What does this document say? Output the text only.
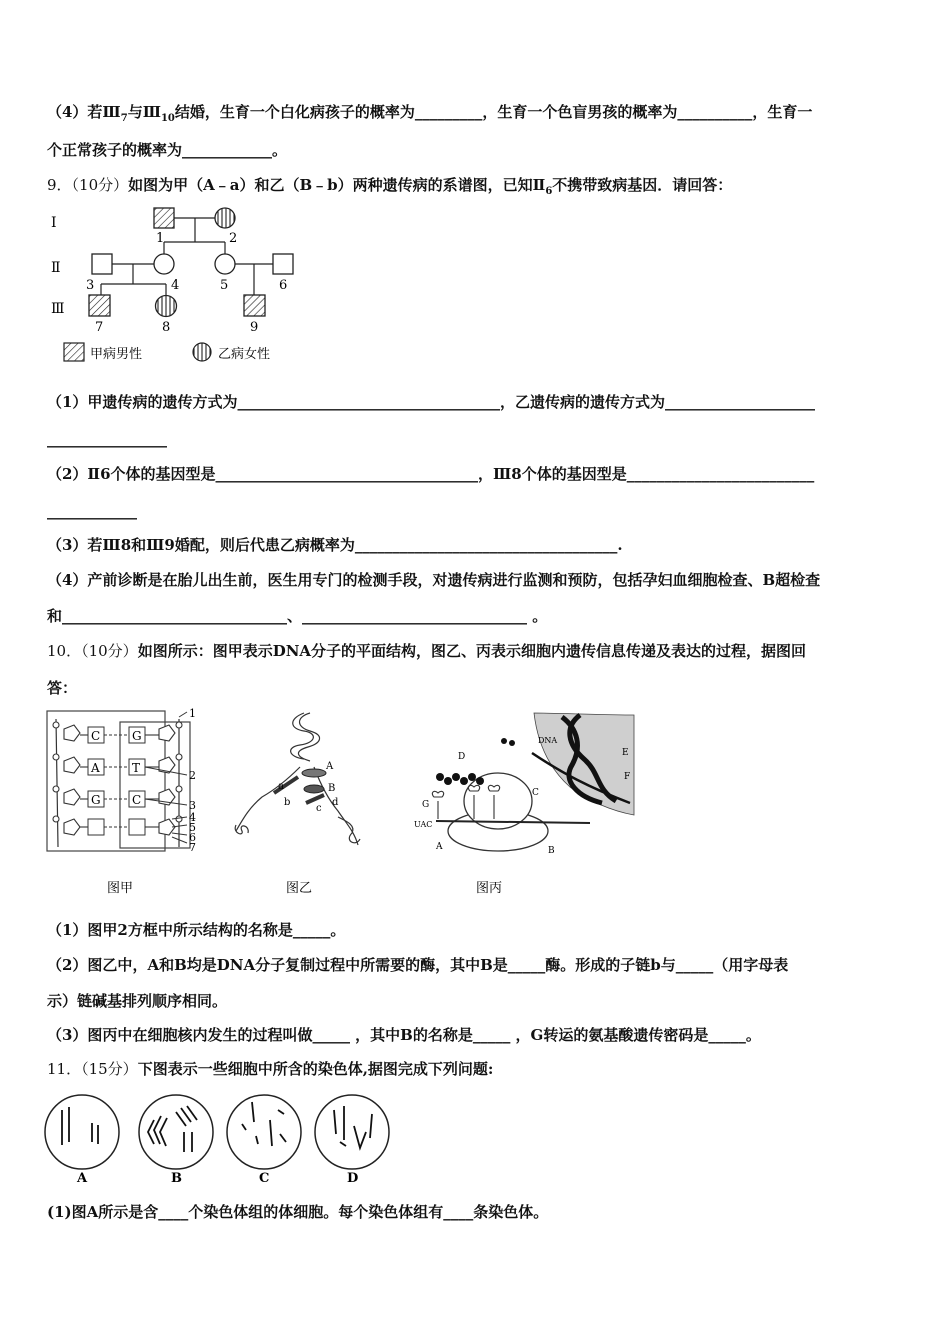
（4）若$Ⅲ_7$与$Ⅲ_{10}$结婚，生育一个白化病孩子的概率为_________，生育一个色盲男孩的概率为__________，生育一
个正常孩子的概率为____________。
9．（10分）如图为甲（A﹣a）和乙（B﹣b）两种遗传病的系谱图，已知$Ⅱ_6$不携带致病基因．请回答：
Ⅰ
Ⅱ
Ⅲ
1	2
3	4	5	6
7	8	9
甲病男性	乙病女性
（1）甲遗传病的遗传方式为___________________________________，乙遗传病的遗传方式为____________________
________________
（2）Ⅱ6个体的基因型是___________________________________，Ⅲ8个体的基因型是_________________________
____________
（3）若Ⅲ8和Ⅲ9婚配，则后代患乙病概率为___________________________________.
（4）产前诊断是在胎儿出生前，医生用专门的检测手段，对遗传病进行监测和预防，包括孕妇血细胞检查、B超检查
和______________________________、______________________________ 。
10．（10分）如图所示：图甲表示DNA分子的平面结构，图乙、丙表示细胞内遗传信息传递及表达的过程，据图回
答：
C
A
G
G
T
C
1
2
3
4
5
6
7
图甲
A
B
a
b
c
d
图乙
D
C
A	B
E
F
G
UAC
DNA
图丙
（1）图甲2方框中所示结构的名称是_____。
（2）图乙中，A和B均是DNA分子复制过程中所需要的酶，其中B是_____酶。形成的子链b与_____（用字母表
示）链碱基排列顺序相同。
（3）图丙中在细胞核内发生的过程叫做_____ ，其中B的名称是_____ ，G转运的氨基酸遗传密码是_____。
11．（15分）下图表示一些细胞中所含的染色体,据图完成下列问题:
A	B	C	D
(1)图A所示是含____个染色体组的体细胞。每个染色体组有____条染色体。
